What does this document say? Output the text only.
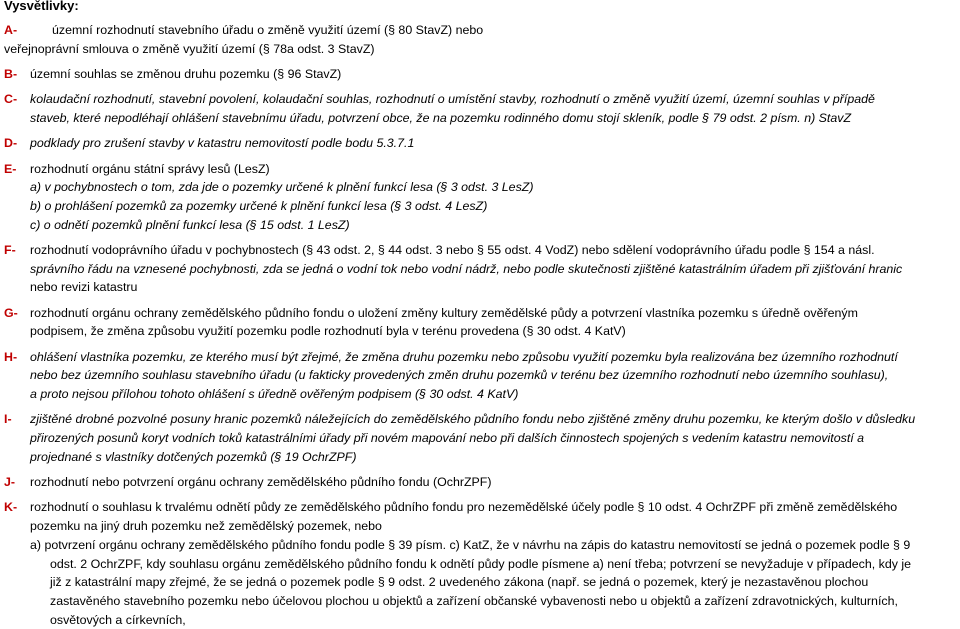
Vysvětlivky:
A-	územní rozhodnutí stavebního úřadu o změně využití území (§ 80 StavZ) nebo
veřejnoprávní smlouva o změně využití území (§ 78a odst. 3 StavZ)
B- územní souhlas se změnou druhu pozemku (§ 96 StavZ)
C- kolaudační rozhodnutí, stavební povolení, kolaudační souhlas, rozhodnutí o umístění stavby, rozhodnutí o změně využití území, územní souhlas v případě
staveb, které nepodléhají ohlášení stavebnímu úřadu, potvrzení obce, že na pozemku rodinného domu stojí skleník, podle § 79 odst. 2 písm. n) StavZ
D- podklady pro zrušení stavby v katastru nemovitostí podle bodu 5.3.7.1
E- rozhodnutí orgánu státní správy lesů (LesZ)
a) v pochybnostech o tom, zda jde o pozemky určené k plnění funkcí lesa (§ 3 odst. 3 LesZ)
b) o prohlášení pozemků za pozemky určené k plnění funkcí lesa (§ 3 odst. 4 LesZ)
c) o odnětí pozemků plnění funkcí lesa (§ 15 odst. 1 LesZ)
F- rozhodnutí vodoprávního úřadu v pochybnostech (§ 43 odst. 2, § 44 odst. 3 nebo § 55 odst. 4 VodZ) nebo sdělení vodoprávního úřadu podle § 154 a násl.
správního řádu na vznesené pochybnosti, zda se jedná o vodní tok nebo vodní nádrž, nebo podle skutečnosti zjištěné katastrálním úřadem při zjišťování hranic
nebo revizi katastru
G- rozhodnutí orgánu ochrany zemědělského půdního fondu o uložení změny kultury zemědělské půdy a potvrzení vlastníka pozemku s úředně ověřeným
podpisem, že změna způsobu využití pozemku podle rozhodnutí byla v terénu provedena (§ 30 odst. 4 KatV)
H- ohlášení vlastníka pozemku, ze kterého musí být zřejmé, že změna druhu pozemku nebo způsobu využití pozemku byla realizována bez územního rozhodnutí
nebo bez územního souhlasu stavebního úřadu (u fakticky provedených změn druhu pozemků v terénu bez územního rozhodnutí nebo územního souhlasu),
a proto nejsou přílohou tohoto ohlášení s úředně ověřeným podpisem (§ 30 odst. 4 KatV)
I- zjištěné drobné pozvolné posuny hranic pozemků náležejících do zemědělského půdního fondu nebo zjištěné změny druhu pozemku, ke kterým došlo v důsledku
přirozených posunů koryt vodních toků katastrálními úřady při novém mapování nebo při dalších činnostech spojených s vedením katastru nemovitostí a
projednané s vlastníky dotčených pozemků (§ 19 OchrZPF)
J- rozhodnutí nebo potvrzení orgánu ochrany zemědělského půdního fondu (OchrZPF)
K- rozhodnutí o souhlasu k trvalému odnětí půdy ze zemědělského půdního fondu pro nezemědělské účely podle § 10 odst. 4 OchrZPF při změně zemědělského
pozemku na jiný druh pozemku než zemědělský pozemek, nebo
a) potvrzení orgánu ochrany zemědělského půdního fondu podle § 39 písm. c) KatZ, že v návrhu na zápis do katastru nemovitostí se jedná o pozemek podle § 9
odst. 2 OchrZPF, kdy souhlasu orgánu zemědělského půdního fondu k odnětí půdy podle písmene a) není třeba; potvrzení se nevyžaduje v případech, kdy je
již z katastrální mapy zřejmé, že se jedná o pozemek podle § 9 odst. 2 uvedeného zákona (např. se jedná o pozemek, který je nezastavěnou plochou
zastavěného stavebního pozemku nebo účelovou plochou u objektů a zařízení občanské vybavenosti nebo u objektů a zařízení zdravotnických, kulturních,
osvětových a církevních,
